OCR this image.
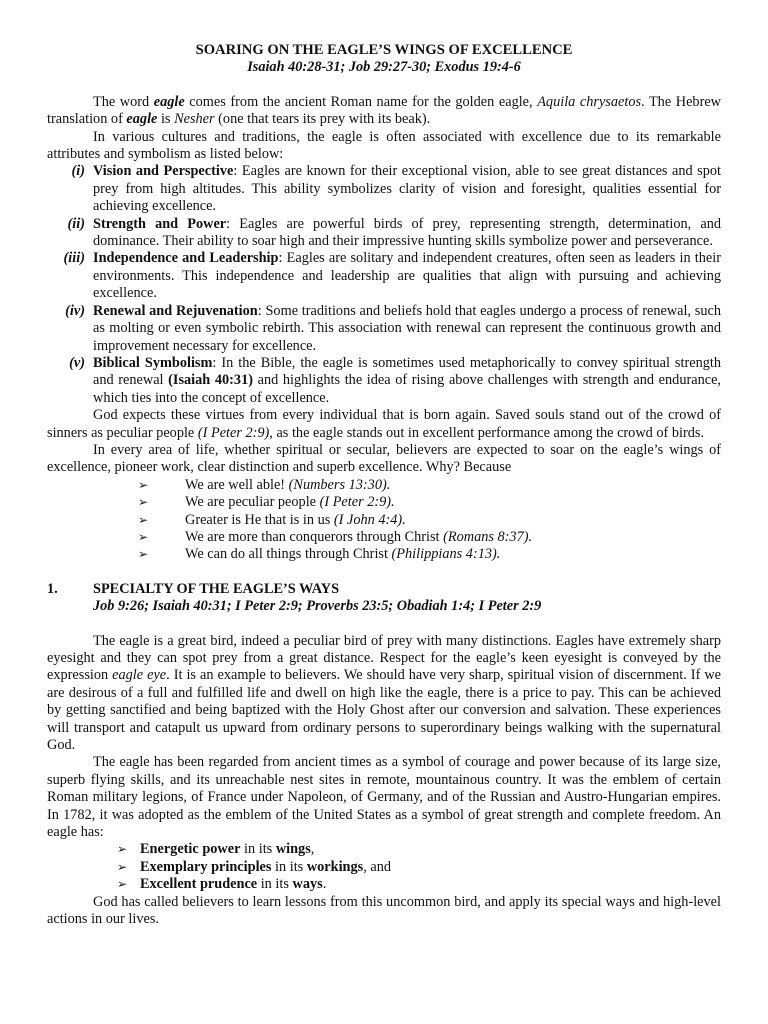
SOARING ON THE EAGLE’S WINGS OF EXCELLENCE
Isaiah 40:28-31; Job 29:27-30; Exodus 19:4-6

The word eagle comes from the ancient Roman name for the golden eagle, Aquila chrysaetos. The Hebrew translation of eagle is Nesher (one that tears its prey with its beak).

In various cultures and traditions, the eagle is often associated with excellence due to its remarkable attributes and symbolism as listed below:

(i) Vision and Perspective: Eagles are known for their exceptional vision, able to see great distances and spot prey from high altitudes. This ability symbolizes clarity of vision and foresight, qualities essential for achieving excellence.
(ii) Strength and Power: Eagles are powerful birds of prey, representing strength, determination, and dominance. Their ability to soar high and their impressive hunting skills symbolize power and perseverance.
(iii) Independence and Leadership: Eagles are solitary and independent creatures, often seen as leaders in their environments. This independence and leadership are qualities that align with pursuing and achieving excellence.
(iv) Renewal and Rejuvenation: Some traditions and beliefs hold that eagles undergo a process of renewal, such as molting or even symbolic rebirth. This association with renewal can represent the continuous growth and improvement necessary for excellence.
(v) Biblical Symbolism: In the Bible, the eagle is sometimes used metaphorically to convey spiritual strength and renewal (Isaiah 40:31) and highlights the idea of rising above challenges with strength and endurance, which ties into the concept of excellence.

God expects these virtues from every individual that is born again. Saved souls stand out of the crowd of sinners as peculiar people (I Peter 2:9), as the eagle stands out in excellent performance among the crowd of birds.

In every area of life, whether spiritual or secular, believers are expected to soar on the eagle’s wings of excellence, pioneer work, clear distinction and superb excellence. Why? Because

➢	We are well able! (Numbers 13:30).
➢	We are peculiar people (I Peter 2:9).
➢	Greater is He that is in us (I John 4:4).
➢	We are more than conquerors through Christ (Romans 8:37).
➢	We can do all things through Christ (Philippians 4:13).
1.	SPECIALTY OF THE EAGLE’S WAYS
Job 9:26; Isaiah 40:31; I Peter 2:9; Proverbs 23:5; Obadiah 1:4; I Peter 2:9

The eagle is a great bird, indeed a peculiar bird of prey with many distinctions. Eagles have extremely sharp eyesight and they can spot prey from a great distance. Respect for the eagle’s keen eyesight is conveyed by the expression eagle eye. It is an example to believers. We should have very sharp, spiritual vision of discernment. If we are desirous of a full and fulfilled life and dwell on high like the eagle, there is a price to pay. This can be achieved by getting sanctified and being baptized with the Holy Ghost after our conversion and salvation. These experiences will transport and catapult us upward from ordinary persons to superordinary beings walking with the supernatural God.

The eagle has been regarded from ancient times as a symbol of courage and power because of its large size, superb flying skills, and its unreachable nest sites in remote, mountainous country. It was the emblem of certain Roman military legions, of France under Napoleon, of Germany, and of the Russian and Austro-Hungarian empires. In 1782, it was adopted as the emblem of the United States as a symbol of great strength and complete freedom. An eagle has:

➢ Energetic power in its wings,
➢ Exemplary principles in its workings, and
➢ Excellent prudence in its ways.

God has called believers to learn lessons from this uncommon bird, and apply its special ways and high-level actions in our lives.
